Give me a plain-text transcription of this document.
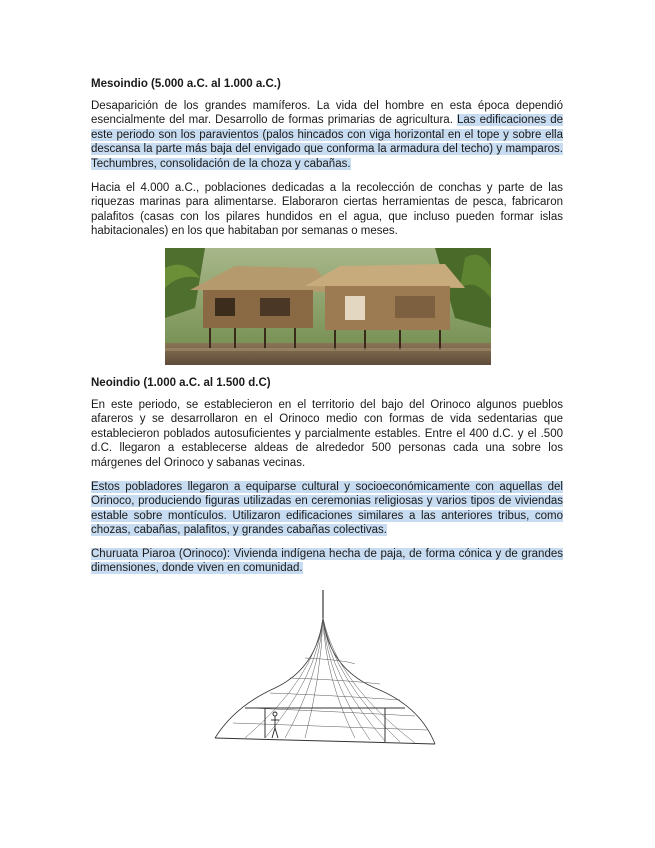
Mesoindio (5.000 a.C. al 1.000 a.C.)

Desaparición de los grandes mamíferos. La vida del hombre en esta época dependió esencialmente del mar. Desarrollo de formas primarias de agricultura. Las edificaciones de este periodo son los paravientos (palos hincados con viga horizontal en el tope y sobre ella descansa la parte más baja del envigado que conforma la armadura del techo) y mamparos. Techumbres, consolidación de la choza y cabañas.

Hacia el 4.000 a.C., poblaciones dedicadas a la recolección de conchas y parte de las riquezas marinas para alimentarse. Elaboraron ciertas herramientas de pesca, fabricaron palafitos (casas con los pilares hundidos en el agua, que incluso pueden formar islas habitacionales) en los que habitaban por semanas o meses.

Neoindio (1.000 a.C. al 1.500 d.C)

En este periodo, se establecieron en el territorio del bajo del Orinoco algunos pueblos afareros y se desarrollaron en el Orinoco medio con formas de vida sedentarias que establecieron poblados autosuficientes y parcialmente estables. Entre el 400 d.C. y el .500 d.C. llegaron a establecerse aldeas de alrededor 500 personas cada una sobre los márgenes del Orinoco y sabanas vecinas.

Estos pobladores llegaron a equiparse cultural y socioeconómicamente con aquellas del Orinoco, produciendo figuras utilizadas en ceremonias religiosas y varios tipos de viviendas estable sobre montículos. Utilizaron edificaciones similares a las anteriores tribus, como chozas, cabañas, palafitos, y grandes cabañas colectivas.

Churuata Piaroa (Orinoco): Vivienda indígena hecha de paja, de forma cónica y de grandes dimensiones, donde viven en comunidad.
